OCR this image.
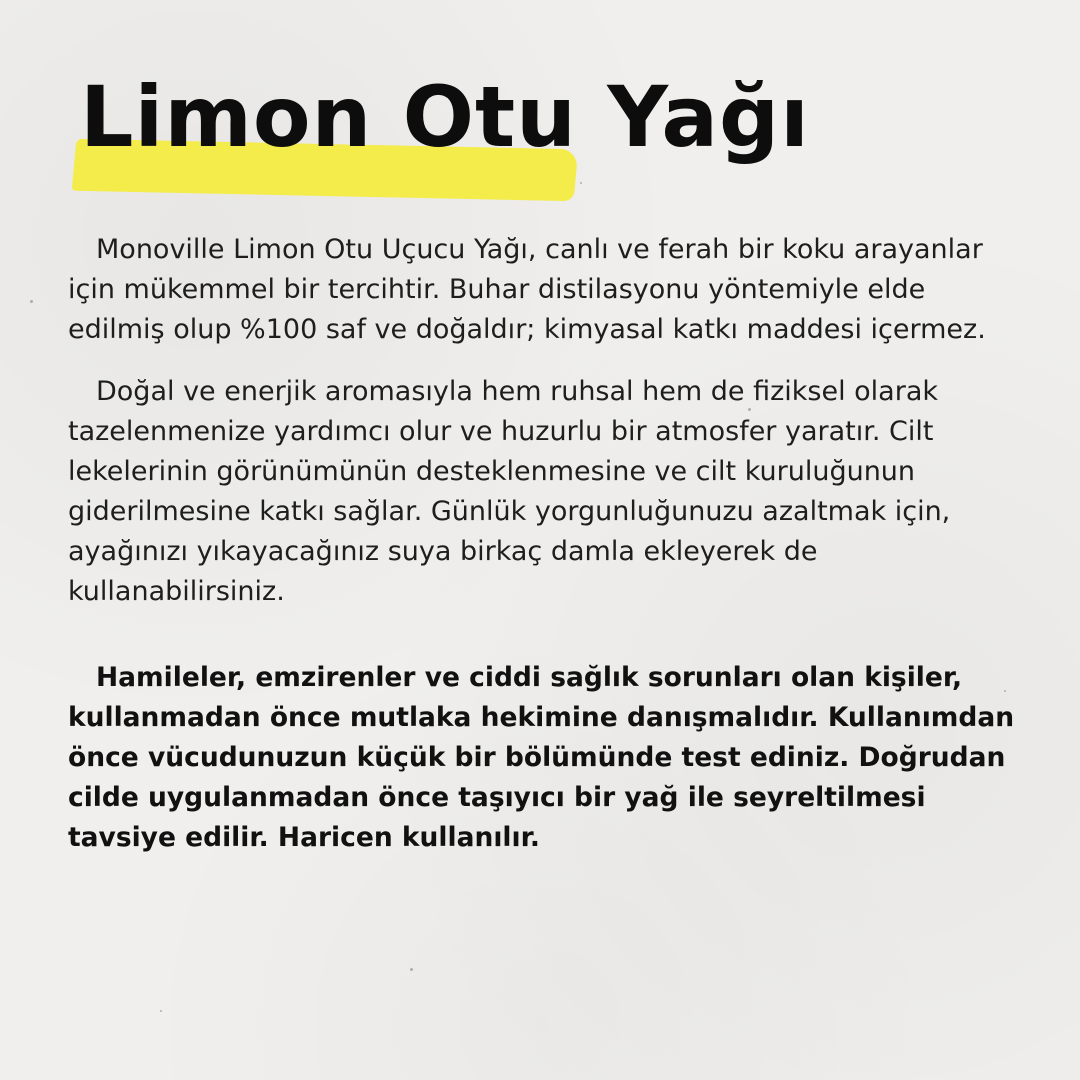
Limon Otu Yağı

Monoville Limon Otu Uçucu Yağı, canlı ve ferah bir koku arayanlar için mükemmel bir tercihtir. Buhar distilasyonu yöntemiyle elde edilmiş olup %100 saf ve doğaldır; kimyasal katkı maddesi içermez.

Doğal ve enerjik aromasıyla hem ruhsal hem de fiziksel olarak tazelenmenize yardımcı olur ve huzurlu bir atmosfer yaratır. Cilt lekelerinin görünümünün desteklenmesine ve cilt kuruluğunun giderilmesine katkı sağlar. Günlük yorgunluğunuzu azaltmak için, ayağınızı yıkayacağınız suya birkaç damla ekleyerek de kullanabilirsiniz.

Hamileler, emzirenler ve ciddi sağlık sorunları olan kişiler, kullanmadan önce mutlaka hekimine danışmalıdır. Kullanımdan önce vücudunuzun küçük bir bölümünde test ediniz. Doğrudan cilde uygulanmadan önce taşıyıcı bir yağ ile seyreltilmesi tavsiye edilir. Haricen kullanılır.
